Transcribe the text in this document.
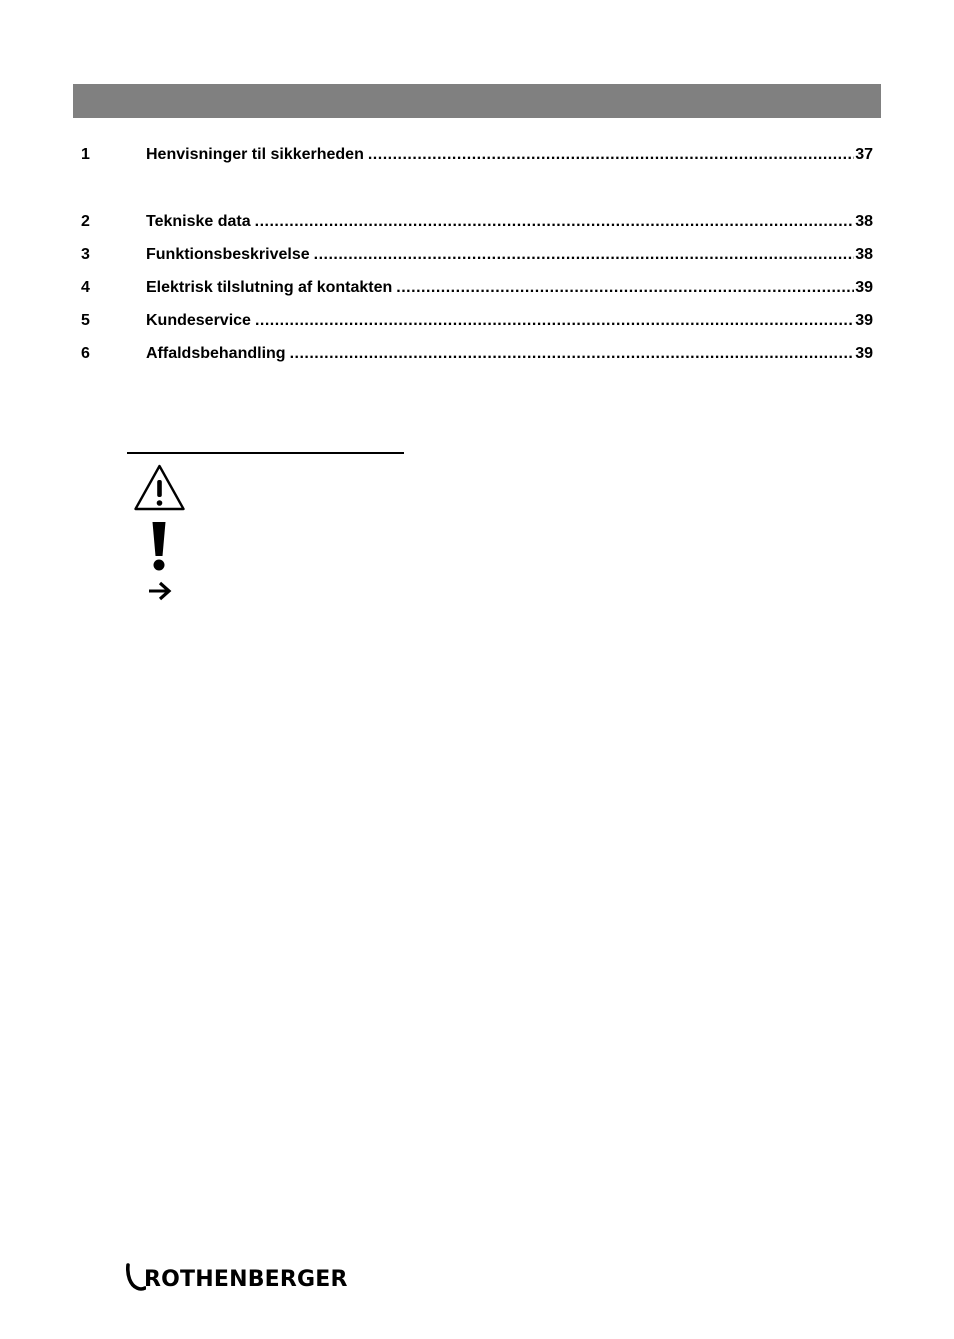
1	Henvisninger til sikkerheden .....	37
2	Tekniske data .....	38
3	Funktionsbeskrivelse .....	38
4	Elektrisk tilslutning af kontakten .....	39
5	Kundeservice .....	39
6	Affaldsbehandling .....	39
ROTHENBERGER
